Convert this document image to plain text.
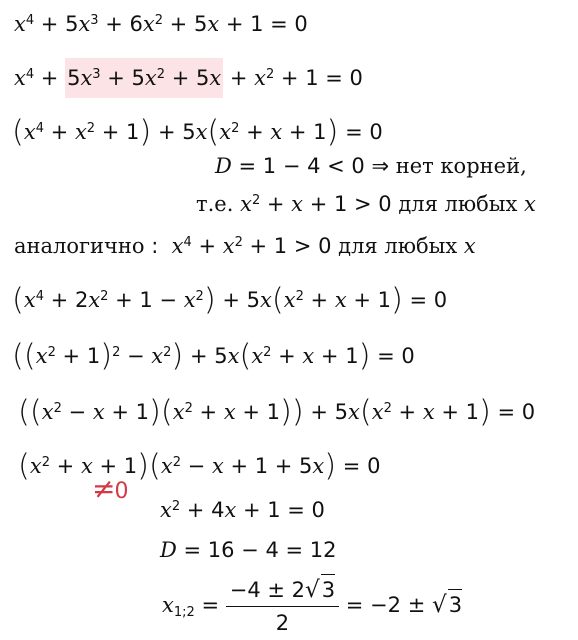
$x^4 + 5x^3 + 6x^2 + 5x + 1 = 0$
$x^4 + 5x^3 + 5x^2 + 5x + x^2 + 1 = 0$
$(x^4 + x^2 + 1) + 5x(x^2 + x + 1) = 0$
D = 1 − 4 < 0 ⇒ нет корней,
т.е. $x^2 + x + 1 > 0$ для любых x
аналогично :  $x^4 + x^2 + 1 > 0$ для любых x
$(x^4 + 2x^2 + 1 - x^2) + 5x(x^2 + x + 1) = 0$
$((x^2 + 1)^2 - x^2) + 5x(x^2 + x + 1) = 0$
$((x^2 - x + 1)(x^2 + x + 1)) + 5x(x^2 + x + 1) = 0$
$(x^2 + x + 1)(x^2 - x + 1 + 5x) = 0$
≠0
$x^2 + 4x + 1 = 0$
D = 16 − 4 = 12
$x_{1;2} = \frac{-4 \pm 2√3}{2} = -2 \pm √3$
